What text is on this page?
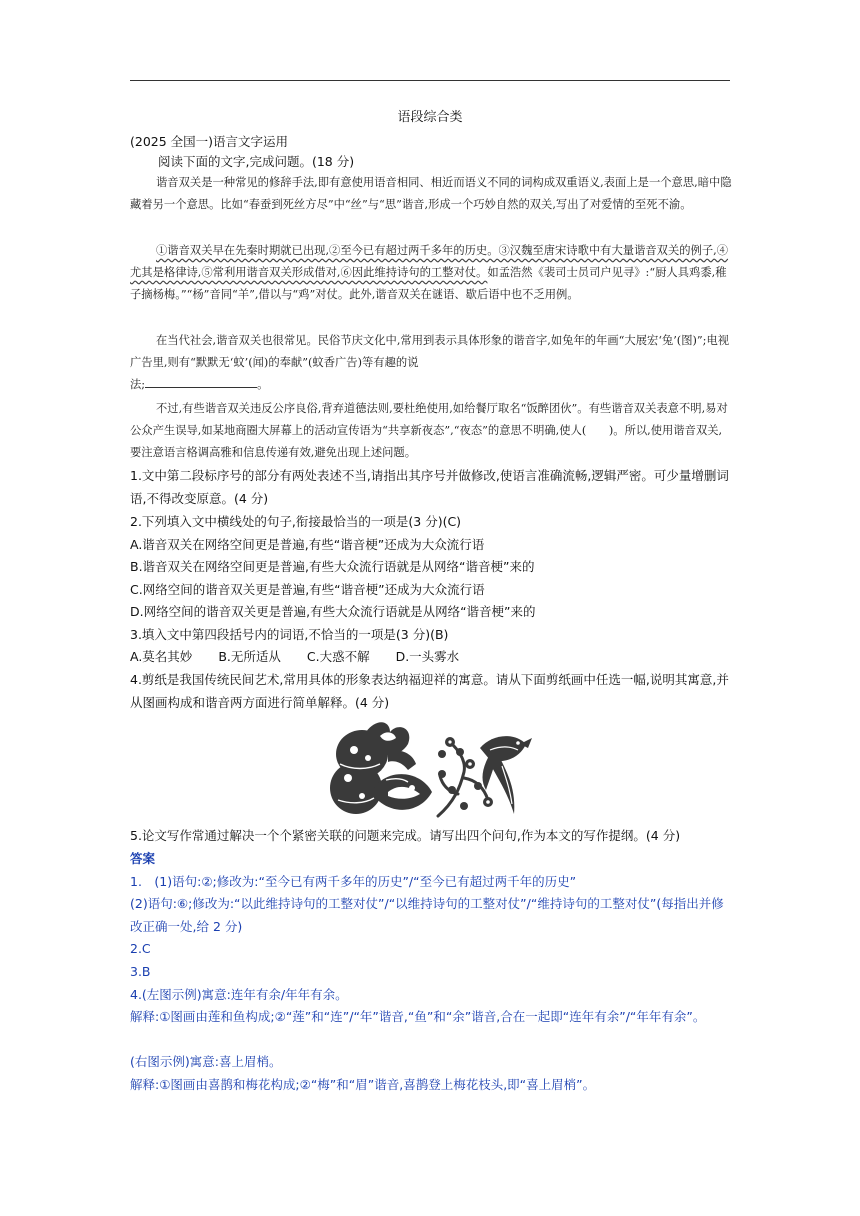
语段综合类
(2025 全国一)语言文字运用
阅读下面的文字,完成问题。(18 分)
谐音双关是一种常见的修辞手法,即有意使用语音相同、相近而语义不同的词构成双重语义,表面上是一个意思,暗中隐藏着另一个意思。比如“春蚕到死丝方尽”中“丝”与“思”谐音,形成一个巧妙自然的双关,写出了对爱情的至死不渝。
①谐音双关早在先秦时期就已出现,②至今已有超过两千多年的历史。③汉魏至唐宋诗歌中有大量谐音双关的例子,④尤其是格律诗,⑤常利用谐音双关形成借对,⑥因此维持诗句的工整对仗。如孟浩然《裴司士员司户见寻》:“厨人具鸡黍,稚子摘杨梅。”“杨”音同“羊”,借以与“鸡”对仗。此外,谐音双关在谜语、歇后语中也不乏用例。
在当代社会,谐音双关也很常见。民俗节庆文化中,常用到表示具体形象的谐音字,如兔年的年画“大展宏‘兔’(图)”;电视广告里,则有“默默无‘蚊’(闻)的奉献”(蚊香广告)等有趣的说
法;	。
不过,有些谐音双关违反公序良俗,背弃道德法则,要杜绝使用,如给餐厅取名“饭醉团伙”。有些谐音双关表意不明,易对公众产生误导,如某地商圈大屏幕上的活动宣传语为“共享新夜态”,“夜态”的意思不明确,使人(　　)。所以,使用谐音双关,要注意语言格调高雅和信息传递有效,避免出现上述问题。
1.文中第二段标序号的部分有两处表述不当,请指出其序号并做修改,使语言准确流畅,逻辑严密。可少量增删词语,不得改变原意。(4 分)
2.下列填入文中横线处的句子,衔接最恰当的一项是(3 分)(C)
A.谐音双关在网络空间更是普遍,有些“谐音梗”还成为大众流行语
B.谐音双关在网络空间更是普遍,有些大众流行语就是从网络“谐音梗”来的
C.网络空间的谐音双关更是普遍,有些“谐音梗”还成为大众流行语
D.网络空间的谐音双关更是普遍,有些大众流行语就是从网络“谐音梗”来的
3.填入文中第四段括号内的词语,不恰当的一项是(3 分)(B)
A.莫名其妙 B.无所适从 C.大惑不解 D.一头雾水
4.剪纸是我国传统民间艺术,常用具体的形象表达纳福迎祥的寓意。请从下面剪纸画中任选一幅,说明其寓意,并从图画构成和谐音两方面进行简单解释。(4 分)
5.论文写作常通过解决一个个紧密关联的问题来完成。请写出四个问句,作为本文的写作提纲。(4 分)
答案
1.　(1)语句:②;修改为:“至今已有两千多年的历史”/“至今已有超过两千年的历史”
(2)语句:⑥;修改为:“以此维持诗句的工整对仗”/“以维持诗句的工整对仗”/“维持诗句的工整对仗”(每指出并修改正确一处,给 2 分)
2.C
3.B
4.(左图示例)寓意:连年有余/年年有余。
解释:①图画由莲和鱼构成;②“莲”和“连”/“年”谐音,“鱼”和“余”谐音,合在一起即“连年有余”/“年年有余”。
(右图示例)寓意:喜上眉梢。
解释:①图画由喜鹊和梅花构成;②“梅”和“眉”谐音,喜鹊登上梅花枝头,即“喜上眉梢”。
